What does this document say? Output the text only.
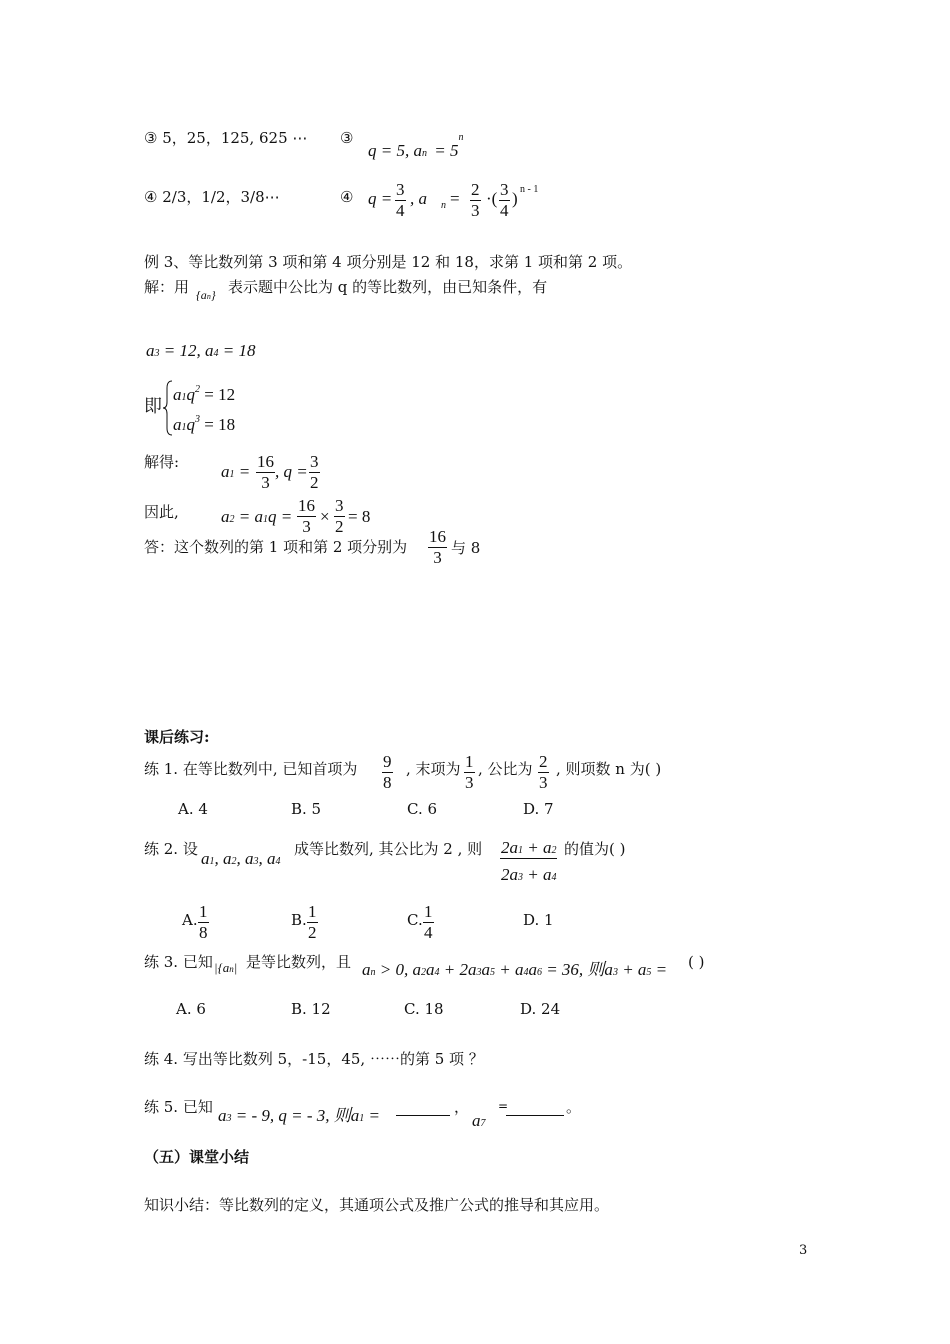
③ 5，25，125, 625 ⋯ ③
q = 5, a n = 5
n
④ 2/3，1/2，3/8⋯	④ $q = \frac{3}{4}$ , a $n = \frac{2}{3}$ ·( $\frac{3}{4}$ ) n - 1
例 3、等比数列第 3 项和第 4 项分别是 12 和 18，求第 1 项和第 2 项。
解：用 {an} 表示题中公比为 q 的等比数列，由已知条件，有
a3 = 12, a4 = 18
即
$a1q^2 = 12$
$a1q^3 = 18$
解得: $a1 = \frac{16}{3}$ , $q = \frac{3}{2}$
因此, $a2 = a1q = \frac{16}{3} \times \frac{3}{2} = 8$
答：这个数列的第 1 项和第 2 项分别为 $\frac{16}{3}$ 与 8
课后练习:
练 1. 在等比数列中, 已知首项为 $\frac{9}{8}$ , 末项为 $\frac{1}{3}$ , 公比为 $\frac{2}{3}$ , 则项数 n 为( )
A. 4	B. 5	C. 6	D. 7
练 2. 设 a1, a2, a3, a4
成等比数列, 其公比为 2 , 则 $\frac{2a1 + a2}{2a3 + a4}$ 的值为( )
A. $\frac{1}{8}$	B. $\frac{1}{2}$	C. $\frac{1}{4}$	D. 1
练 3. 已知 |{an| 是等比数列，且 an > 0, a2a4 + 2a3a5 + a4a6 = 36, 则a3 + a5 = ( )
A. 6	B. 12	C. 18	D. 24
练 4. 写出等比数列 5，-15，45, ⋯⋯的第 5 项 ？
练 5. 已知 a3 = - 9, q = - 3, 则a1 =	，
a7
=	。
（五）课堂小结
知识小结：等比数列的定义，其通项公式及推广公式的推导和其应用。
3
